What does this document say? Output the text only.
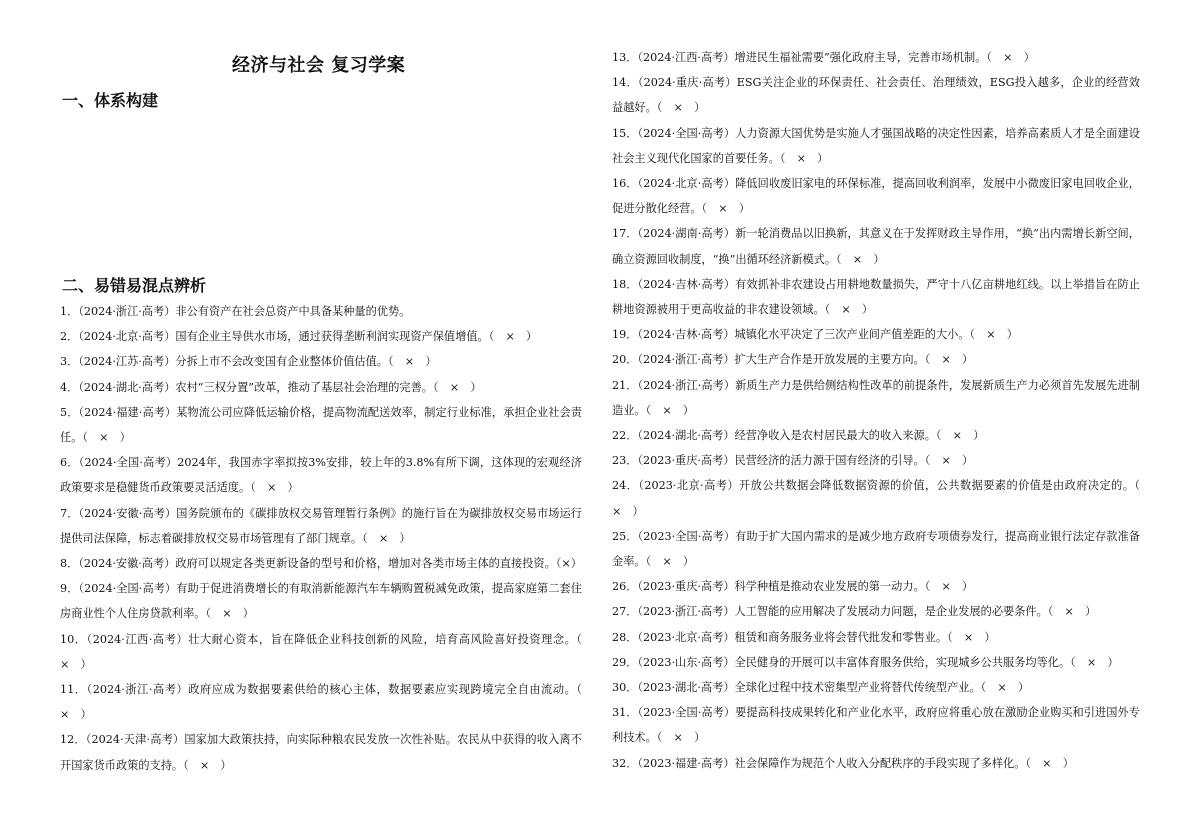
经济与社会 复习学案
一、体系构建
二、易错易混点辨析
1．（2024·浙江·高考）非公有资产在社会总资产中具备某种量的优势。
2．（2024·北京·高考）国有企业主导供水市场，通过获得垄断利润实现资产保值增值。（　×　）
3．（2024·江苏·高考）分拆上市不会改变国有企业整体价值估值。（　×　）
4．（2024·湖北·高考）农村“三权分置”改革，推动了基层社会治理的完善。（　×　）
5．（2024·福建·高考）某物流公司应降低运输价格，提高物流配送效率，制定行业标准，承担企业社会责任。（　×　）
6．（2024·全国·高考）2024年，我国赤字率拟按3%安排，较上年的3.8%有所下调，这体现的宏观经济政策要求是稳健货币政策要灵活适度。（　×　）
7．（2024·安徽·高考）国务院颁布的《碳排放权交易管理暂行条例》的施行旨在为碳排放权交易市场运行提供司法保障，标志着碳排放权交易市场管理有了部门规章。（　×　）
8．（2024·安徽·高考）政府可以规定各类更新设备的型号和价格，增加对各类市场主体的直接投资。（×）
9．（2024·全国·高考）有助于促进消费增长的有取消新能源汽车车辆购置税减免政策，提高家庭第二套住房商业性个人住房贷款利率。（　×　）
10．（2024·江西·高考）壮大耐心资本，旨在降低企业科技创新的风险，培育高风险喜好投资理念。（　×　）
11．（2024·浙江·高考）政府应成为数据要素供给的核心主体，数据要素应实现跨境完全自由流动。（　×　）
12．（2024·天津·高考）国家加大政策扶持，向实际种粮农民发放一次性补贴。农民从中获得的收入离不开国家货币政策的支持。（　×　）
13．（2024·江西·高考）增进民生福祉需要”强化政府主导，完善市场机制。（　×　）
14．（2024·重庆·高考）ESG关注企业的环保责任、社会责任、治理绩效，ESG投入越多，企业的经营效益越好。（　×　）
15．（2024·全国·高考）人力资源大国优势是实施人才强国战略的决定性因素，培养高素质人才是全面建设社会主义现代化国家的首要任务。（　×　）
16．（2024·北京·高考）降低回收废旧家电的环保标准，提高回收利润率，发展中小微废旧家电回收企业，促进分散化经营。（　×　）
17．（2024·湖南·高考）新一轮消费品以旧换新，其意义在于发挥财政主导作用，“换”出内需增长新空间，确立资源回收制度，“换”出循环经济新模式。（　×　）
18．（2024·吉林·高考）有效抓补非农建设占用耕地数量损失，严守十八亿亩耕地红线。以上举措旨在防止耕地资源被用于更高收益的非农建设领域。（　×　）
19．（2024·吉林·高考）城镇化水平决定了三次产业间产值差距的大小。（　×　）
20．（2024·浙江·高考）扩大生产合作是开放发展的主要方向。（　×　）
21．（2024·浙江·高考）新质生产力是供给侧结构性改革的前提条件，发展新质生产力必须首先发展先进制造业。（　×　）
22．（2024·湖北·高考）经营净收入是农村居民最大的收入来源。（　×　）
23．（2023·重庆·高考）民营经济的活力源于国有经济的引导。（　×　）
24．（2023·北京·高考）开放公共数据会降低数据资源的价值，公共数据要素的价值是由政府决定的。（　×　）
25．（2023·全国·高考）有助于扩大国内需求的是减少地方政府专项债券发行，提高商业银行法定存款准备金率。（　×　）
26．（2023·重庆·高考）科学种植是推动农业发展的第一动力。（　×　）
27．（2023·浙江·高考）人工智能的应用解决了发展动力问题，是企业发展的必要条件。（　×　）
28．（2023·北京·高考）租赁和商务服务业将会替代批发和零售业。（　×　）
29．（2023·山东·高考）全民健身的开展可以丰富体育服务供给，实现城乡公共服务均等化。（　×　）
30．（2023·湖北·高考）全球化过程中技术密集型产业将替代传统型产业。（　×　）
31．（2023·全国·高考）要提高科技成果转化和产业化水平，政府应将重心放在激励企业购买和引进国外专利技术。（　×　）
32．（2023·福建·高考）社会保障作为规范个人收入分配秩序的手段实现了多样化。（　×　）
